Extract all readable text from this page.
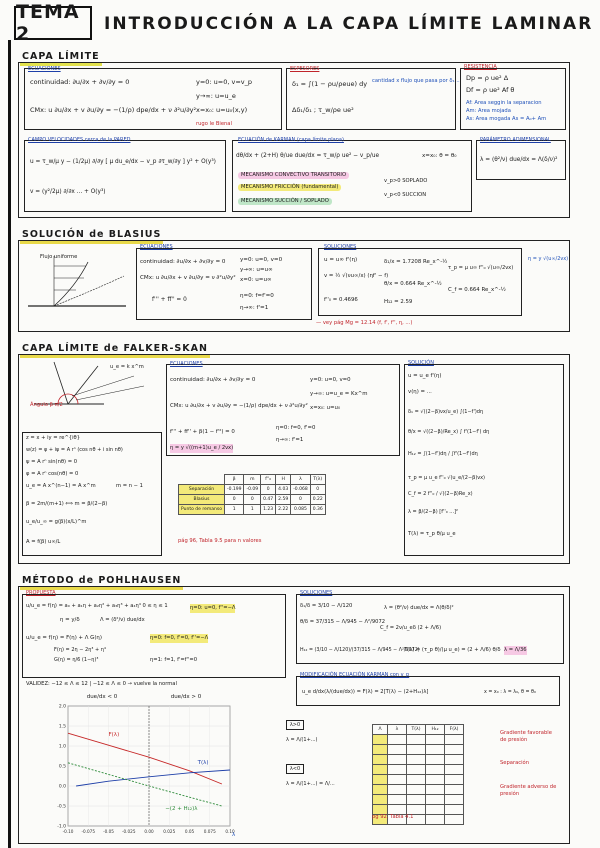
TEMA 2	INTRODUCCIÓN A LA CAPA LÍMITE LAMINAR
CAPA LÍMITE
ECUACIONES
continuidad: ∂u/∂x + ∂v/∂y = 0
CMx: u ∂u/∂x + v ∂u/∂y = −(1/ρ) dpe/dx + ν ∂²u/∂y²
y=0: u=0, v=v_p
y→∞: u=u_e
x=x₀: u=u₀(x,y)
rugo le Bienal
ESPESORES
δ₁ = ∫(1 − ρu/ρeue) dy
Δδ₁/δ₁ ; τ_w/ρe ue²
cantidad x flujo que pasa por δ₁ ...
RESISTENCIA
Dp = ρ ue² Δ
Df = ρ ue² Af θ
Af: Area seggin la separacion
Am: Area mojada
As: Area mogada As = A₀+ Am
CAMPO VELOCIDADES cerca de la PARED
u = τ_w/μ y − (1/2μ) ∂/∂y [ μ du_e/dx − v_p ∂τ_w/∂y ] y² + O(y³)
v = (y²/2μ) ∂/∂x ... + O(y³)
ECUACIÓN de KARMAN (capa límite plana)
dθ/dx + (2+H) θ/ue due/dx = τ_w/ρ ue² − v_p/ue	x=x₀: θ = θ₀
MECANISMO CONVECTIVO TRANSITORIO
MECANISMO FRICCIÓN (fundamental)
MECANISMO SUCCIÓN / SOPLADO
v_p>0 SOPLADO
v_p<0 SUCCION
PARÁMETRO ADIMENSIONAL
λ = (θ²/ν) due/dx = Λ(δ/ν)²
SOLUCIÓN de BLASIUS
Flujo uniforme
ECUACIONES
continuidad: ∂u/∂x + ∂v/∂y = 0
CMx: u ∂u/∂x + v ∂u/∂y = ν ∂²u/∂y²
y=0: u=0, v=0
y→∞: u=u∞
x=0: u=u∞
f''' + ff'' = 0
η=0: f=f'=0
η→∞: f'=1
SOLUCIONES
u = u∞ f'(η)
v = ½ √(νu∞/x) (ηf' − f)
δ₁/x = 1.7208 Re_x^-½
θ/x = 0.664 Re_x^-½
f''₀ = 0.4696	H₁₂ = 2.59
τ_p = μ u∞ f''₀ √(u∞/2νx)
C_f = 0.664 Re_x^-½
η = y √(u∞/2νx)
— vey pág Mg = 12.14 (f, f', f'', η, ...)
CAPA LÍMITE de FALKER-SKAN
Ángulo β·π/2
u_e = k x^m	ECUACIONES
continuidad: ∂u/∂x + ∂v/∂y = 0
CMx: u ∂u/∂x + v ∂u/∂y = −(1/ρ) dpe/dx + ν ∂²u/∂y²
y=0: u=0, v=0
y→∞: u=u_e = Kx^m
x=x₀: u=u₀
f''' + ff'' + β(1 − f'²) = 0
η=0: f=0, f'=0
η→∞: f'=1
η = y √((m+1)u_e / 2νx)
z = x + iy = re^{iθ}
w(z) = φ + iψ = A rⁿ (cos nθ + i sin nθ)
ψ = A rⁿ sin(nθ) = 0
φ = A rⁿ cos(nθ) = 0
u_e = A x^(n−1) = A x^m	m = n − 1
β = 2m/(m+1) ⟺ m = β/(2−β)
u_e/u_∞ = g(β)(x/L)^m
A = f(β) u∞/L
	β	m	f''₀	H	λ	T(λ)
Separación	-0.199	-0.09	0	4.03	-0.068	0
Blasius	0	0	0.47	2.59	0	0.22
Punto de remanso	1	1	1.23	2.22	0.085	0.36
pág 96, Tabla 9.5 para n valores
SOLUCIÓN
u = u_e f'(η)
v(η) = ...
δ₁ = √((2−β)νx/u_e) ∫(1−f')dη
θ/x = √((2−β)/Re_x) ∫ f'(1−f') dη
H₁₂ = ∫(1−f')dη / ∫f'(1−f')dη
τ_p = μ u_e f''₀ √(u_e/(2−β)νx)
C_f = 2 f''₀ / √((2−β)Re_x)
λ = β/(2−β) [f''₀ ...]²
T(λ) = τ_p θ/μ u_e
MÉTODO de POHLHAUSEN
PROPUESTA
u/u_e = f(η) = a₀ + a₁η + a₂η² + a₃η³ + a₄η⁴ 0 ≤ η ≤ 1	η=0: u=0, f''=−Λ
η = y/δ	Λ = (δ²/ν) due/dx
u/u_e = f(η) = F(η) + Λ G(η)
F(η) = 2η − 2η³ + η⁴
G(η) = η/6 (1−η)³
η=0: f=0, f'=0, f''=−Λ
η=1: f=1, f'=f''=0
VALIDEZ: −12 ≤ Λ ≤ 12 | −12 ≤ Λ ≤ 0 → vuelve la normal
due/dx < 0	due/dx > 0
2.0
1.5
1.0
0.5
0.0
-0.5
-1.0
-0.10 -0.075 -0.05 -0.025 0.00 0.025 0.05 0.075 0.10
F(λ)
T(λ)
−(2 + H₁₂)λ
λ
SOLUCIONES
δ₁/δ = 3/10 − Λ/120
θ/δ = 37/315 − Λ/945 − Λ²/9072
C_f = 2ν/u_eδ (2 + Λ/6)
H₁₂ = (3/10 − Λ/120)/(37/315 − Λ/945 − Λ²/9072)
λ = (θ²/ν) due/dx = Λ(θ/δ)²
T(λ) = (τ_p θ)/(μ u_e) = (2 + Λ/6) θ/δ λ = Λ/36
MODIFICACIÓN ECUACIÓN KARMAN con v_p
u_e d/dx(λ/(due/dx)) = F(λ) = 2[T(λ) − (2+H₁₂)λ]	x = x₀ : λ = λ₀, θ = θ₀
λ>0
λ = Λ/(1+...)
λ<0
λ = Λ/(1+...) = Λ/...
Λ	λ	T(λ)	H₁₂	F(λ)

pg 92, Tabla 4.1
Gradiente favorable de presión
Separación
Gradiente adverso de presión
